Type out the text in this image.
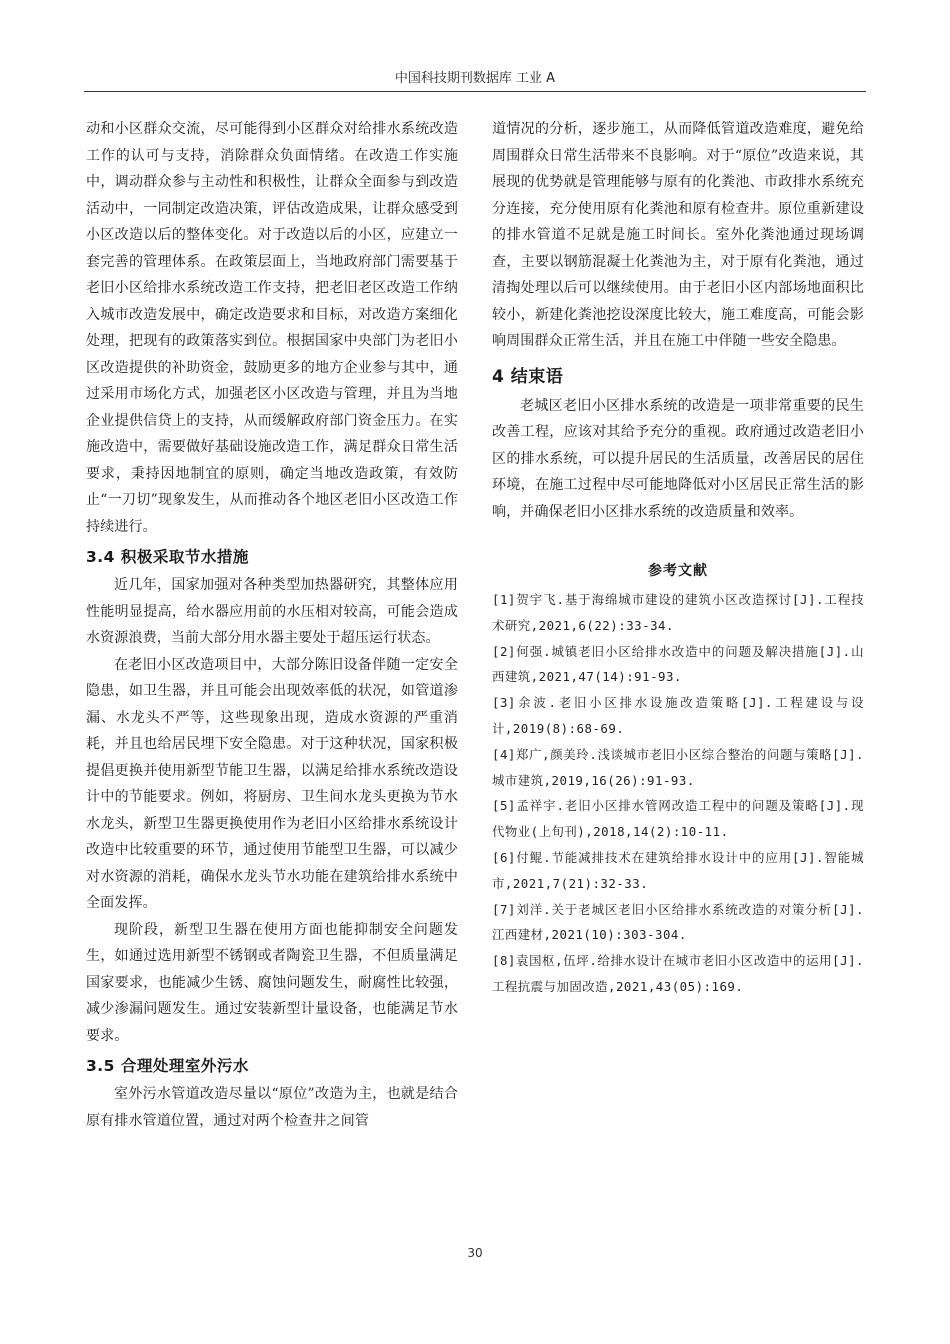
中国科技期刊数据库 工业 A

动和小区群众交流，尽可能得到小区群众对给排水系统改造工作的认可与支持，消除群众负面情绪。在改造工作实施中，调动群众参与主动性和积极性，让群众全面参与到改造活动中，一同制定改造决策，评估改造成果，让群众感受到小区改造以后的整体变化。对于改造以后的小区，应建立一套完善的管理体系。在政策层面上，当地政府部门需要基于老旧小区给排水系统改造工作支持，把老旧老区改造工作纳入城市改造发展中，确定改造要求和目标，对改造方案细化处理，把现有的政策落实到位。根据国家中央部门为老旧小区改造提供的补助资金，鼓励更多的地方企业参与其中，通过采用市场化方式，加强老区小区改造与管理，并且为当地企业提供信贷上的支持，从而缓解政府部门资金压力。在实施改造中，需要做好基础设施改造工作，满足群众日常生活要求，秉持因地制宜的原则，确定当地改造政策，有效防止“一刀切”现象发生，从而推动各个地区老旧小区改造工作持续进行。

3.4 积极采取节水措施

近几年，国家加强对各种类型加热器研究，其整体应用性能明显提高，给水器应用前的水压相对较高，可能会造成水资源浪费，当前大部分用水器主要处于超压运行状态。

在老旧小区改造项目中，大部分陈旧设备伴随一定安全隐患，如卫生器，并且可能会出现效率低的状况，如管道渗漏、水龙头不严等，这些现象出现，造成水资源的严重消耗，并且也给居民埋下安全隐患。对于这种状况，国家积极提倡更换并使用新型节能卫生器，以满足给排水系统改造设计中的节能要求。例如，将厨房、卫生间水龙头更换为节水水龙头，新型卫生器更换使用作为老旧小区给排水系统设计改造中比较重要的环节，通过使用节能型卫生器，可以减少对水资源的消耗，确保水龙头节水功能在建筑给排水系统中全面发挥。

现阶段，新型卫生器在使用方面也能抑制安全问题发生，如通过选用新型不锈钢或者陶瓷卫生器，不但质量满足国家要求，也能减少生锈、腐蚀问题发生，耐腐性比较强，减少渗漏问题发生。通过安装新型计量设备，也能满足节水要求。

3.5 合理处理室外污水

室外污水管道改造尽量以“原位”改造为主，也就是结合原有排水管道位置，通过对两个检查井之间管

道情况的分析，逐步施工，从而降低管道改造难度，避免给周围群众日常生活带来不良影响。对于“原位”改造来说，其展现的优势就是管理能够与原有的化粪池、市政排水系统充分连接，充分使用原有化粪池和原有检查井。原位重新建设的排水管道不足就是施工时间长。室外化粪池通过现场调查，主要以钢筋混凝土化粪池为主，对于原有化粪池，通过清掏处理以后可以继续使用。由于老旧小区内部场地面积比较小，新建化粪池挖设深度比较大，施工难度高，可能会影响周围群众正常生活，并且在施工中伴随一些安全隐患。

4 结束语

老城区老旧小区排水系统的改造是一项非常重要的民生改善工程，应该对其给予充分的重视。政府通过改造老旧小区的排水系统，可以提升居民的生活质量，改善居民的居住环境，在施工过程中尽可能地降低对小区居民正常生活的影响，并确保老旧小区排水系统的改造质量和效率。

参考文献

[1]贺宇飞.基于海绵城市建设的建筑小区改造探讨[J].工程技术研究,2021,6(22):33-34.

[2]何强.城镇老旧小区给排水改造中的问题及解决措施[J].山西建筑,2021,47(14):91-93.

[3]余波.老旧小区排水设施改造策略[J].工程建设与设计,2019(8):68-69.

[4]郑广,颜美玲.浅谈城市老旧小区综合整治的问题与策略[J].城市建筑,2019,16(26):91-93.

[5]孟祥宇.老旧小区排水管网改造工程中的问题及策略[J].现代物业(上旬刊),2018,14(2):10-11.

[6]付鲲.节能减排技术在建筑给排水设计中的应用[J].智能城市,2021,7(21):32-33.

[7]刘洋.关于老城区老旧小区给排水系统改造的对策分析[J].江西建材,2021(10):303-304.

[8]袁国枢,伍坪.给排水设计在城市老旧小区改造中的运用[J].工程抗震与加固改造,2021,43(05):169.

30
